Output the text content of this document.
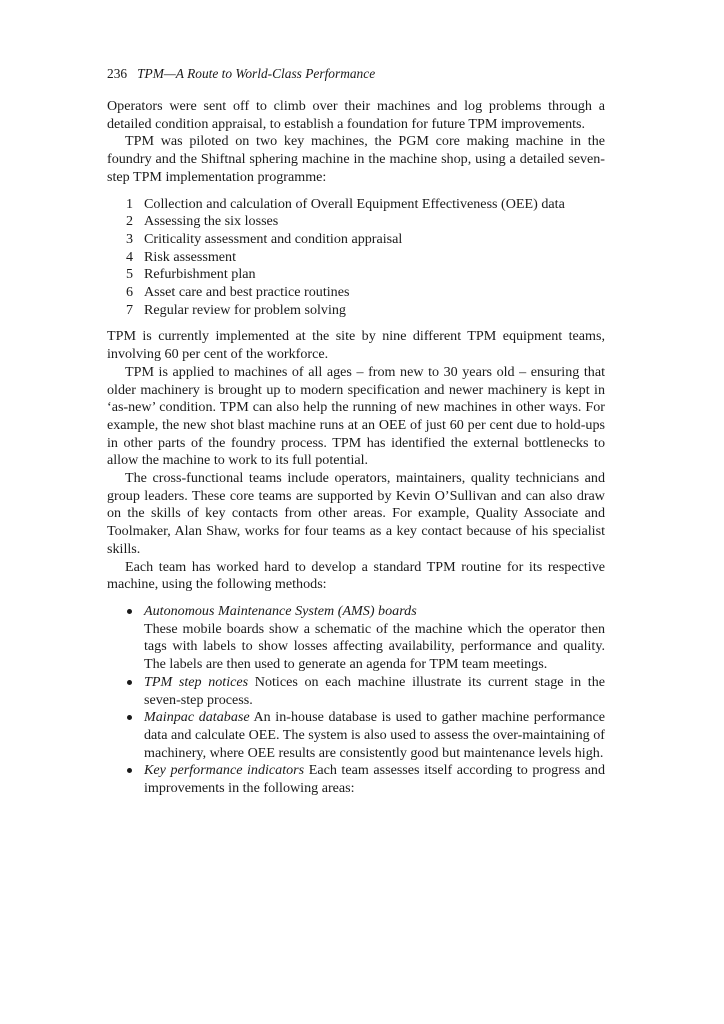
236 TPM—A Route to World-Class Performance

Operators were sent off to climb over their machines and log problems through a detailed condition appraisal, to establish a foundation for future TPM improvements.

TPM was piloted on two key machines, the PGM core making machine in the foundry and the Shiftnal sphering machine in the machine shop, using a detailed seven-step TPM implementation programme:

1 Collection and calculation of Overall Equipment Effectiveness (OEE) data
2 Assessing the six losses
3 Criticality assessment and condition appraisal
4 Risk assessment
5 Refurbishment plan
6 Asset care and best practice routines
7 Regular review for problem solving

TPM is currently implemented at the site by nine different TPM equipment teams, involving 60 per cent of the workforce.

TPM is applied to machines of all ages – from new to 30 years old – ensuring that older machinery is brought up to modern specification and newer machinery is kept in ‘as-new’ condition. TPM can also help the running of new machines in other ways. For example, the new shot blast machine runs at an OEE of just 60 per cent due to hold-ups in other parts of the foundry process. TPM has identified the external bottlenecks to allow the machine to work to its full potential.

The cross-functional teams include operators, maintainers, quality technicians and group leaders. These core teams are supported by Kevin O’Sullivan and can also draw on the skills of key contacts from other areas. For example, Quality Associate and Toolmaker, Alan Shaw, works for four teams as a key contact because of his specialist skills.

Each team has worked hard to develop a standard TPM routine for its respective machine, using the following methods:

Autonomous Maintenance System (AMS) boards
These mobile boards show a schematic of the machine which the operator then tags with labels to show losses affecting availability, performance and quality. The labels are then used to generate an agenda for TPM team meetings.
TPM step notices Notices on each machine illustrate its current stage in the seven-step process.
Mainpac database An in-house database is used to gather machine performance data and calculate OEE. The system is also used to assess the over-maintaining of machinery, where OEE results are consistently good but maintenance levels high.
Key performance indicators Each team assesses itself according to progress and improvements in the following areas:
